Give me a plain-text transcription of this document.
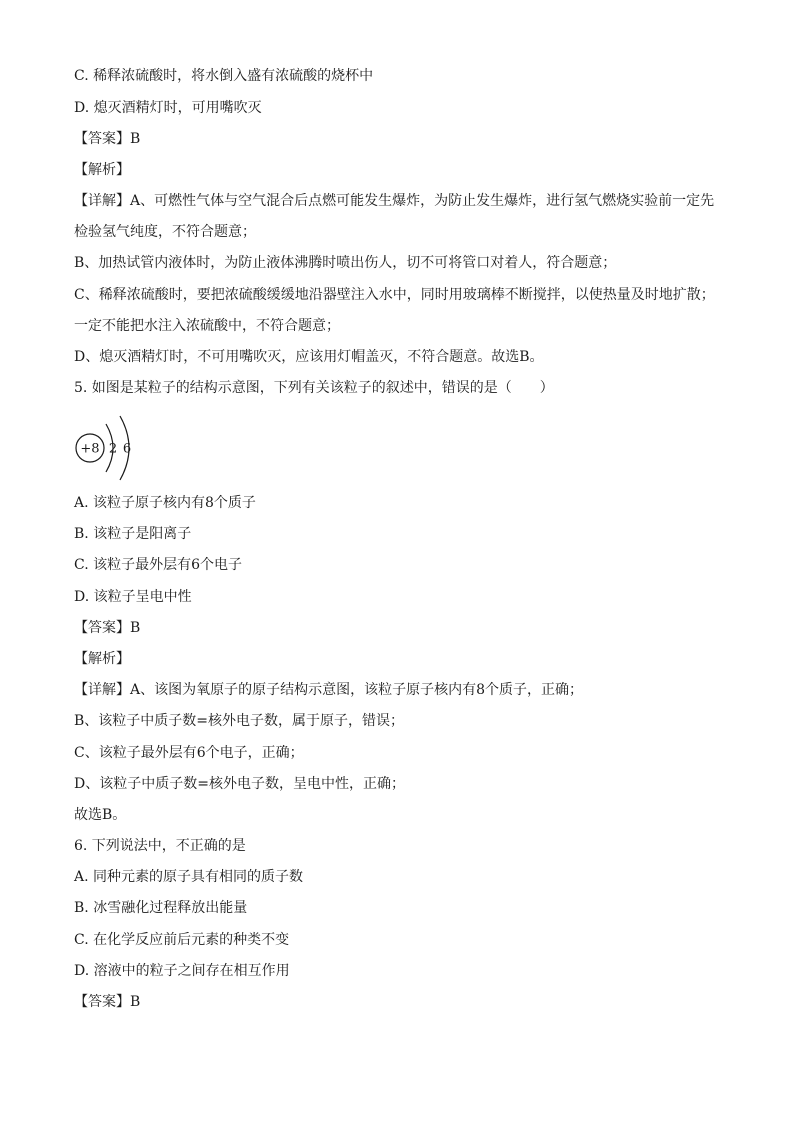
C. 稀释浓硫酸时，将水倒入盛有浓硫酸的烧杯中
D. 熄灭酒精灯时，可用嘴吹灭
【答案】B
【解析】
【详解】A、可燃性气体与空气混合后点燃可能发生爆炸，为防止发生爆炸，进行氢气燃烧实验前一定先
检验氢气纯度，不符合题意；
B、加热试管内液体时，为防止液体沸腾时喷出伤人，切不可将管口对着人，符合题意；
C、稀释浓硫酸时，要把浓硫酸缓缓地沿器壁注入水中，同时用玻璃棒不断搅拌，以使热量及时地扩散；
一定不能把水注入浓硫酸中，不符合题意；
D、熄灭酒精灯时，不可用嘴吹灭，应该用灯帽盖灭，不符合题意。故选B。
5. 如图是某粒子的结构示意图，下列有关该粒子的叙述中，错误的是（　　）
+8 2 6
A. 该粒子原子核内有8个质子
B. 该粒子是阳离子
C. 该粒子最外层有6个电子
D. 该粒子呈电中性
【答案】B
【解析】
【详解】A、该图为氧原子的原子结构示意图，该粒子原子核内有8个质子，正确；
B、该粒子中质子数=核外电子数，属于原子，错误；
C、该粒子最外层有6个电子，正确；
D、该粒子中质子数=核外电子数，呈电中性，正确；
故选B。
6. 下列说法中，不正确的是
A. 同种元素的原子具有相同的质子数
B. 冰雪融化过程释放出能量
C. 在化学反应前后元素的种类不变
D. 溶液中的粒子之间存在相互作用
【答案】B
